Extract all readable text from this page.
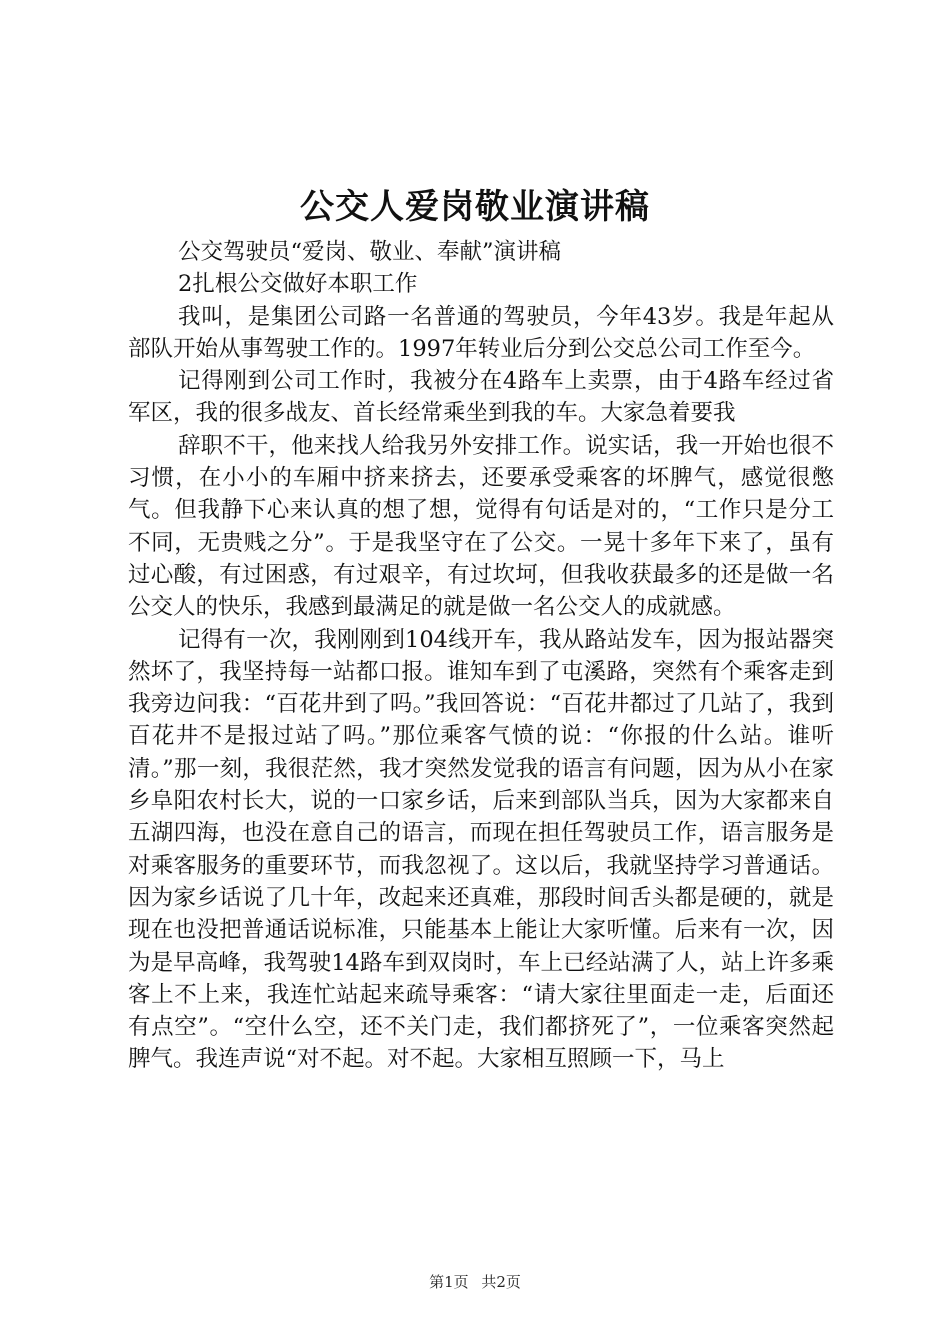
公交人爱岗敬业演讲稿

公交驾驶员“爱岗、敬业、奉献”演讲稿

2扎根公交做好本职工作

我叫，是集团公司路一名普通的驾驶员，今年43岁。我是年起从部队开始从事驾驶工作的。1997年转业后分到公交总公司工作至今。

记得刚到公司工作时，我被分在4路车上卖票，由于4路车经过省军区，我的很多战友、首长经常乘坐到我的车。大家急着要我

辞职不干，他来找人给我另外安排工作。说实话，我一开始也很不习惯，在小小的车厢中挤来挤去，还要承受乘客的坏脾气，感觉很憋气。但我静下心来认真的想了想，觉得有句话是对的，“工作只是分工不同，无贵贱之分”。于是我坚守在了公交。一晃十多年下来了，虽有过心酸，有过困惑，有过艰辛，有过坎坷，但我收获最多的还是做一名公交人的快乐，我感到最满足的就是做一名公交人的成就感。

记得有一次，我刚刚到104线开车，我从路站发车，因为报站器突然坏了，我坚持每一站都口报。谁知车到了屯溪路，突然有个乘客走到我旁边问我：“百花井到了吗。”我回答说：“百花井都过了几站了，我到百花井不是报过站了吗。”那位乘客气愤的说：“你报的什么站。谁听清。”那一刻，我很茫然，我才突然发觉我的语言有问题，因为从小在家乡阜阳农村长大，说的一口家乡话，后来到部队当兵，因为大家都来自五湖四海，也没在意自己的语言，而现在担任驾驶员工作，语言服务是对乘客服务的重要环节，而我忽视了。这以后，我就坚持学习普通话。因为家乡话说了几十年，改起来还真难，那段时间舌头都是硬的，就是现在也没把普通话说标准，只能基本上能让大家听懂。后来有一次，因为是早高峰，我驾驶14路车到双岗时，车上已经站满了人，站上许多乘客上不上来，我连忙站起来疏导乘客：“请大家往里面走一走，后面还有点空”。“空什么空，还不关门走，我们都挤死了”，一位乘客突然起脾气。我连声说“对不起。对不起。大家相互照顾一下，马上

第1页 共2页
